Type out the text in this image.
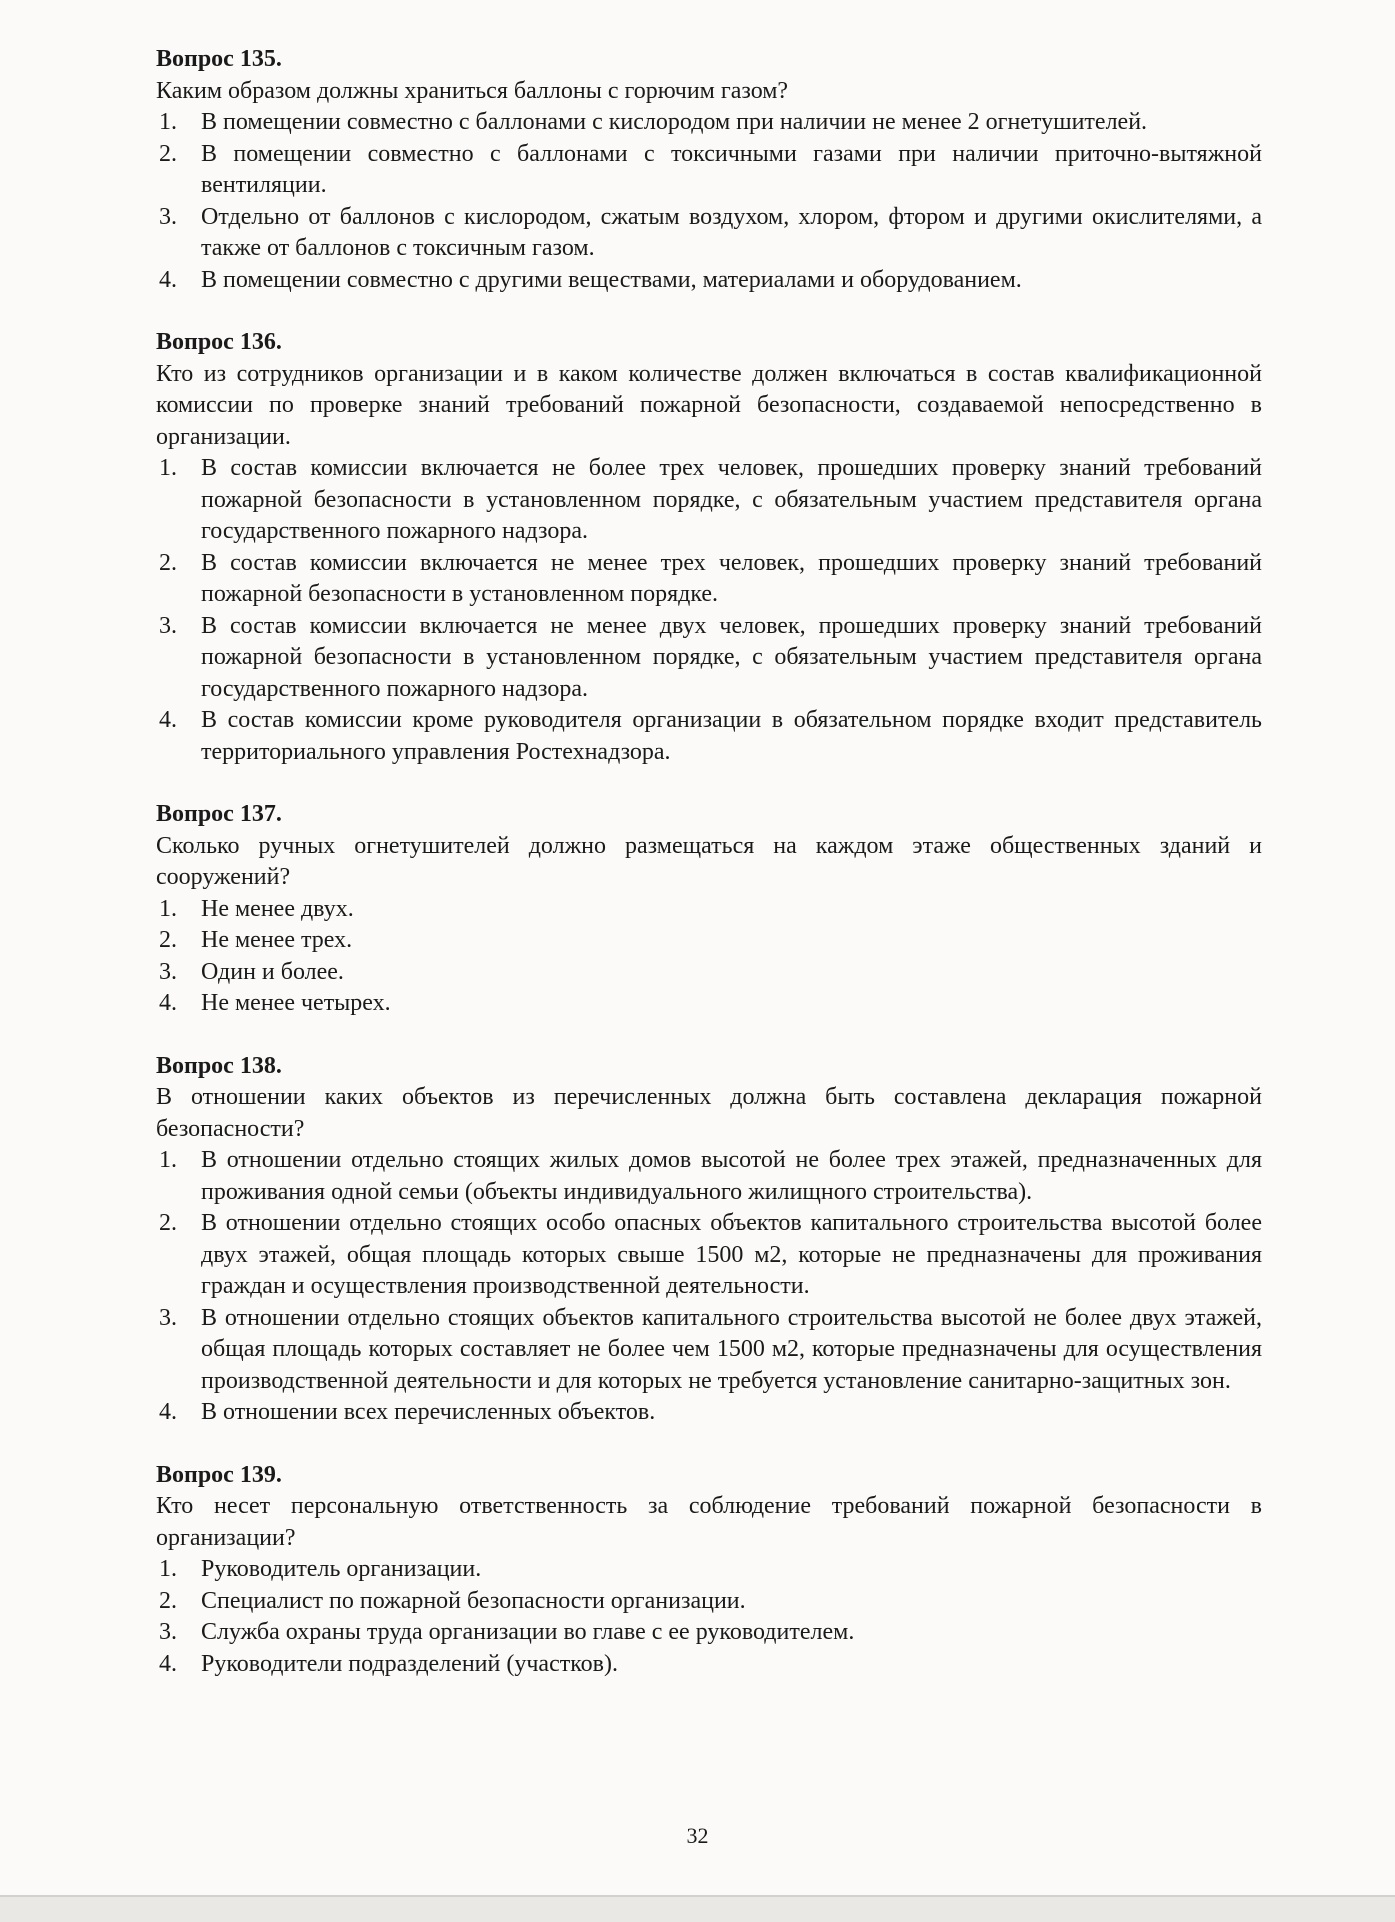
Вопрос 135.
Каким образом должны храниться баллоны с горючим газом?
1. В помещении совместно с баллонами с кислородом при наличии не менее 2 огнетушителей.
2. В помещении совместно с баллонами с токсичными газами при наличии приточно-вытяжной вентиляции.
3. Отдельно от баллонов с кислородом, сжатым воздухом, хлором, фтором и другими окислителями, а также от баллонов с токсичным газом.
4. В помещении совместно с другими веществами, материалами и оборудованием.
Вопрос 136.
Кто из сотрудников организации и в каком количестве должен включаться в состав квалификационной комиссии по проверке знаний требований пожарной безопасности, создаваемой непосредственно в организации.
1. В состав комиссии включается не более трех человек, прошедших проверку знаний требований пожарной безопасности в установленном порядке, с обязательным участием представителя органа государственного пожарного надзора.
2. В состав комиссии включается не менее трех человек, прошедших проверку знаний требований пожарной безопасности в установленном порядке.
3. В состав комиссии включается не менее двух человек, прошедших проверку знаний требований пожарной безопасности в установленном порядке, с обязательным участием представителя органа государственного пожарного надзора.
4. В состав комиссии кроме руководителя организации в обязательном порядке входит представитель территориального управления Ростехнадзора.
Вопрос 137.
Сколько ручных огнетушителей должно размещаться на каждом этаже общественных зданий и сооружений?
1. Не менее двух.
2. Не менее трех.
3. Один и более.
4. Не менее четырех.
Вопрос 138.
В отношении каких объектов из перечисленных должна быть составлена декларация пожарной безопасности?
1. В отношении отдельно стоящих жилых домов высотой не более трех этажей, предназначенных для проживания одной семьи (объекты индивидуального жилищного строительства).
2. В отношении отдельно стоящих особо опасных объектов капитального строительства высотой более двух этажей, общая площадь которых свыше 1500 м2, которые не предназначены для проживания граждан и осуществления производственной деятельности.
3. В отношении отдельно стоящих объектов капитального строительства высотой не более двух этажей, общая площадь которых составляет не более чем 1500 м2, которые предназначены для осуществления производственной деятельности и для которых не требуется установление санитарно-защитных зон.
4. В отношении всех перечисленных объектов.
Вопрос 139.
Кто несет персональную ответственность за соблюдение требований пожарной безопасности в организации?
1. Руководитель организации.
2. Специалист по пожарной безопасности организации.
3. Служба охраны труда организации во главе с ее руководителем.
4. Руководители подразделений (участков).
32
